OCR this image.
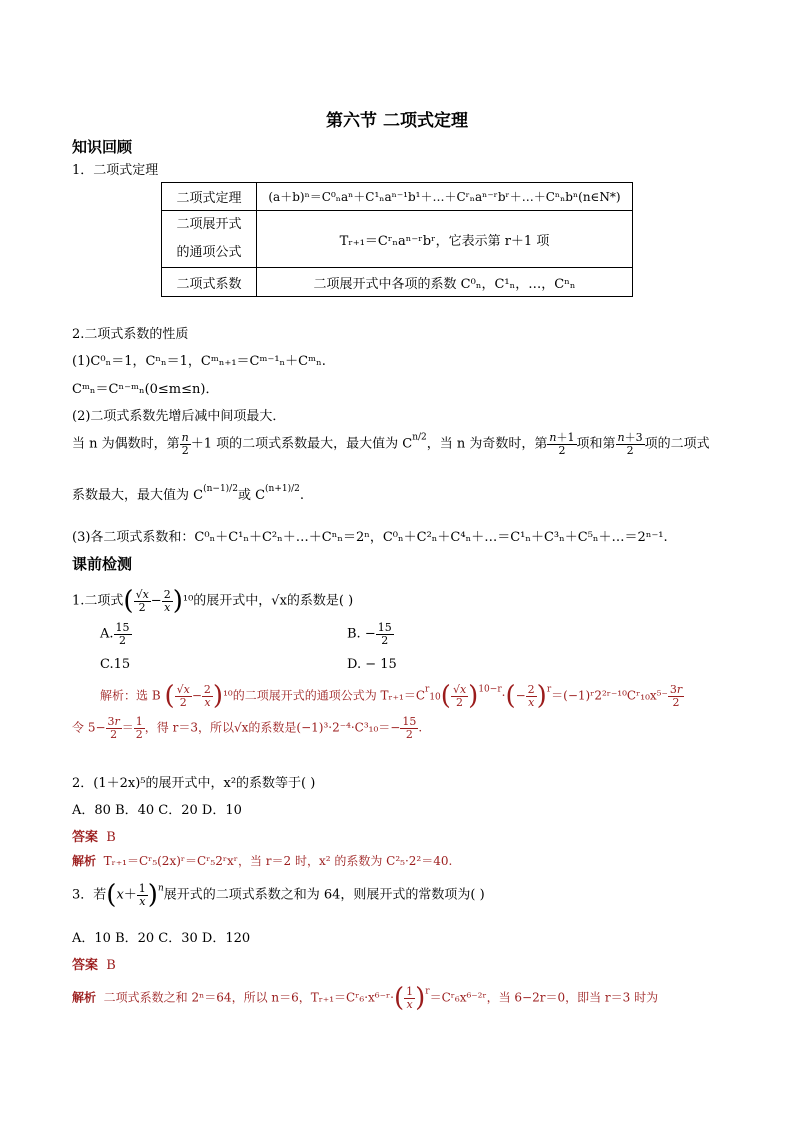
第六节 二项式定理
知识回顾
1．二项式定理
二项式定理	(a＋b)ⁿ＝C⁰ₙaⁿ＋C¹ₙaⁿ⁻¹b¹＋…＋Cʳₙaⁿ⁻ʳbʳ＋…＋Cⁿₙbⁿ(n∈N*)

二项展开式
的通项公式	Tᵣ₊₁＝Cʳₙaⁿ⁻ʳbʳ，它表示第 r＋1 项
二项式系数	二项展开式中各项的系数 C⁰ₙ，C¹ₙ，…，Cⁿₙ
2.二项式系数的性质
(1)C⁰ₙ＝1，Cⁿₙ＝1，Cᵐₙ₊₁＝Cᵐ⁻¹ₙ＋Cᵐₙ.
Cᵐₙ＝Cⁿ⁻ᵐₙ(0≤m≤n)．
(2)二项式系数先增后减中间项最大．
当 n 为偶数时，第 $\frac{n}{2} +1$ 项的二项式系数最大，最大值为 $C^{n/2}$，当 n 为奇数时，第 $\frac{n+1}{2}$ 项和第 $\frac{n+3}{2}$ 项的二项式
系数最大，最大值为 $C^{(n-1)/2}$或 $C^{(n+1)/2}$.
(3)各二项式系数和：C⁰ₙ＋C¹ₙ＋C²ₙ＋…＋Cⁿₙ＝2ⁿ，C⁰ₙ＋C²ₙ＋C⁴ₙ＋…＝C¹ₙ＋C³ₙ＋C⁵ₙ＋…＝2ⁿ⁻¹.
课前检测
1.二项式( $\frac{√x}{2} - \frac{2}{x} )^{10}$的展开式中，√x的系数是( )
A. $\frac{15}{2}$	B. − $\frac{15}{2}$
C.15	D. − 15
解析：选 B ( $\frac{√x}{2} - \frac{2}{x} )^{10}$的二项展开式的通项公式为 $Tᵣ_{+1}=C^r10( \frac{√x}{2} )^{10-r}\cdot(- \frac{2}{x}$ )$^r=(-1)ʳ2^2ʳ^{-10}Cʳ_{10}x^{5-} \frac{3r}{2}$
令 $5- \frac{3r}{2} = \frac{1}{2}$ ，得 r＝3，所以√x的系数是$(-1)^3\cdot 2^{-4}\cdot C^3_{10}=- \frac{15}{2}$ .
2．(1＋2x)⁵的展开式中，x²的系数等于( )
A．80 B．40 C．20 D．10
答案 B
解析 Tᵣ₊₁＝Cʳ₅(2x)ʳ＝Cʳ₅2ʳxʳ，当 r＝2 时，x² 的系数为 C²₅·2²＝40.
3．若$(x+ \frac{1}{x} )^n$展开式的二项式系数之和为 64，则展开式的常数项为( )
A．10 B．20 C．30 D．120
答案 B
解析 二项式系数之和 2ⁿ＝64，所以 n＝6，Tᵣ₊₁＝Cʳ₆·x⁶⁻ʳ·( $\frac{1}{x}$ )$^r$＝Cʳ₆x⁶⁻²ʳ，当 6−2r＝0，即当 r＝3 时为
